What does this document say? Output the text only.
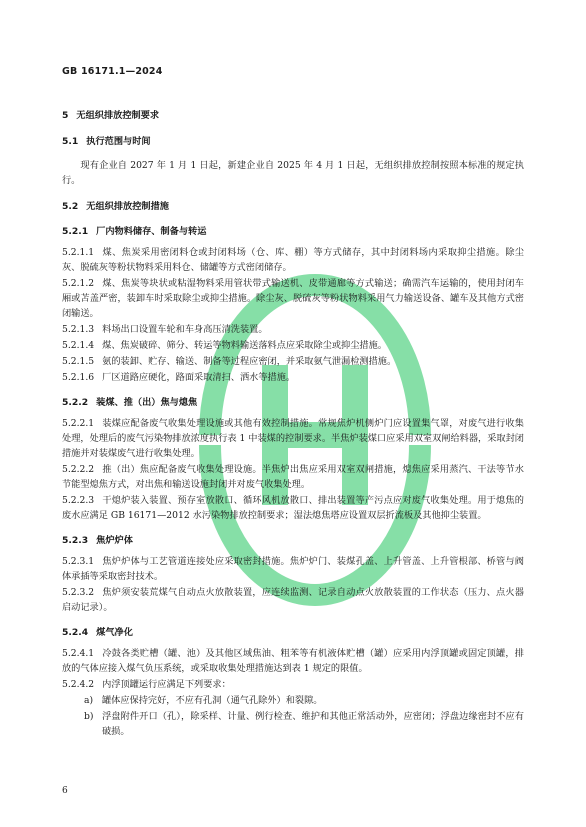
GB 16171.1—2024
5 无组织排放控制要求
5.1 执行范围与时间

现有企业自 2027 年 1 月 1 日起，新建企业自 2025 年 4 月 1 日起，无组织排放控制按照本标准的规定执行。

5.2 无组织排放控制措施
5.2.1 厂内物料储存、制备与转运

5.2.1.1 煤、焦炭采用密闭料仓或封闭料场（仓、库、棚）等方式储存，其中封闭料场内采取抑尘措施。除尘灰、脱硫灰等粉状物料采用料仓、储罐等方式密闭储存。

5.2.1.2 煤、焦炭等块状或粘湿物料采用管状带式输送机、皮带通廊等方式输送；确需汽车运输的，使用封闭车厢或苫盖严密，装卸车时采取除尘或抑尘措施。除尘灰、脱硫灰等粉状物料采用气力输送设备、罐车及其他方式密闭输送。

5.2.1.3 料场出口设置车轮和车身高压清洗装置。

5.2.1.4 煤、焦炭破碎、筛分、转运等物料输送落料点应采取除尘或抑尘措施。

5.2.1.5 氨的装卸、贮存、输送、制备等过程应密闭，并采取氨气泄漏检测措施。

5.2.1.6 厂区道路应硬化，路面采取清扫、洒水等措施。

5.2.2 装煤、推（出）焦与熄焦

5.2.2.1 装煤应配备废气收集处理设施或其他有效控制措施。常规焦炉机侧炉门应设置集气罩，对废气进行收集处理，处理后的废气污染物排放浓度执行表 1 中装煤的控制要求。半焦炉装煤口应采用双室双闸给料器，采取封闭措施并对装煤废气进行收集处理。

5.2.2.2 推（出）焦应配备废气收集处理设施。半焦炉出焦应采用双室双闸措施，熄焦应采用蒸汽、干法等节水节能型熄焦方式，对出焦和输送设施封闭并对废气收集处理。

5.2.2.3 干熄炉装入装置、预存室放散口、循环风机放散口、排出装置等产污点应对废气收集处理。用于熄焦的废水应满足 GB 16171—2012 水污染物排放控制要求；湿法熄焦塔应设置双层折流板及其他抑尘装置。

5.2.3 焦炉炉体

5.2.3.1 焦炉炉体与工艺管道连接处应采取密封措施。焦炉炉门、装煤孔盖、上升管盖、上升管根部、桥管与阀体承插等采取密封技术。

5.2.3.2 焦炉须安装荒煤气自动点火放散装置，应连续监测、记录自动点火放散装置的工作状态（压力、点火器启动记录）。

5.2.4 煤气净化

5.2.4.1 冷鼓各类贮槽（罐、池）及其他区域焦油、粗苯等有机液体贮槽（罐）应采用内浮顶罐或固定顶罐，排放的气体应接入煤气负压系统，或采取收集处理措施达到表 1 规定的限值。

5.2.4.2 内浮顶罐运行应满足下列要求：

a) 罐体应保持完好，不应有孔洞（通气孔除外）和裂隙。

b) 浮盘附件开口（孔），除采样、计量、例行检查、维护和其他正常活动外，应密闭；浮盘边缘密封不应有破损。

6
